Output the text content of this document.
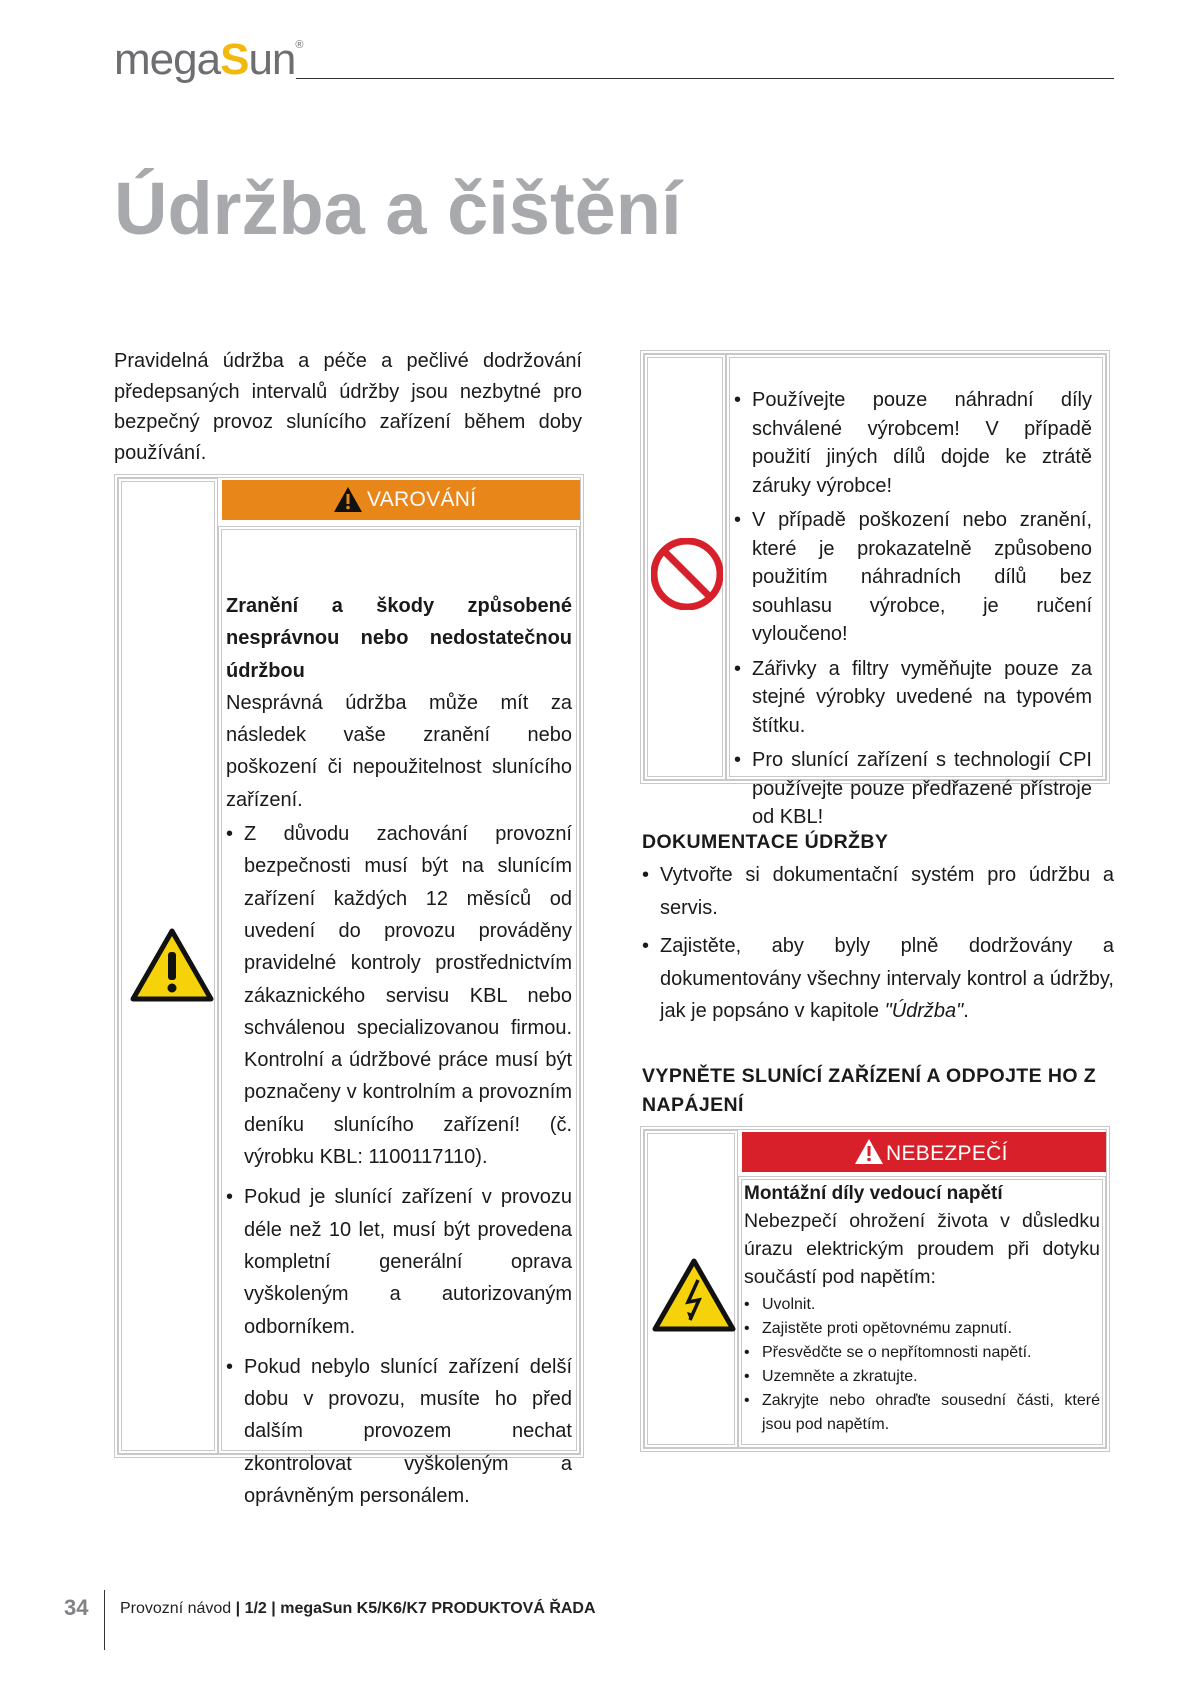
megaSun®
Údržba a čištění

Pravidelná údržba a péče a pečlivé dodržování předepsaných intervalů údržby jsou nezbytné pro bezpečný provoz slunícího zařízení během doby používání.

VAROVÁNÍ
Zranění a škody způsobené nesprávnou nebo nedostatečnou údržbou
Nesprávná údržba může mít za následek vaše zranění nebo poškození či nepoužitelnost slunícího zařízení.
• Z důvodu zachování provozní bezpečnosti musí být na slunícím zařízení každých 12 měsíců od uvedení do provozu prováděny pravidelné kontroly prostřednictvím zákaznického servisu KBL nebo schválenou specializovanou firmou. Kontrolní a údržbové práce musí být poznačeny v kontrolním a provozním deníku slunícího zařízení! (č. výrobku KBL: 1100117110).
• Pokud je slunící zařízení v provozu déle než 10 let, musí být provedena kompletní generální oprava vyškoleným a autorizovaným odborníkem.
• Pokud nebylo slunící zařízení delší dobu v provozu, musíte ho před dalším provozem nechat zkontrolovat vyškoleným a oprávněným personálem.
• Používejte pouze náhradní díly schválené výrobcem! V případě použití jiných dílů dojde ke ztrátě záruky výrobce!
• V případě poškození nebo zranění, které je prokazatelně způsobeno použitím náhradních dílů bez souhlasu výrobce, je ručení vyloučeno!
• Zářivky a filtry vyměňujte pouze za stejné výrobky uvedené na typovém štítku.
• Pro slunící zařízení s technologií CPI používejte pouze předřazené přístroje od KBL!
DOKUMENTACE ÚDRŽBY
• Vytvořte si dokumentační systém pro údržbu a servis.
• Zajistěte, aby byly plně dodržovány a dokumentovány všechny intervaly kontrol a údržby, jak je popsáno v kapitole "Údržba".
VYPNĚTE SLUNÍCÍ ZAŘÍZENÍ A ODPOJTE HO Z NAPÁJENÍ
NEBEZPEČÍ
Montážní díly vedoucí napětí
Nebezpečí ohrožení života v důsledku úrazu elektrickým proudem při dotyku součástí pod napětím:
• Uvolnit.
• Zajistěte proti opětovnému zapnutí.
• Přesvědčte se o nepřítomnosti napětí.
• Uzemněte a zkratujte.
• Zakryjte nebo ohraďte sousední části, které jsou pod napětím.
34 Provozní návod | 1/2 | megaSun K5/K6/K7 PRODUKTOVÁ ŘADA
